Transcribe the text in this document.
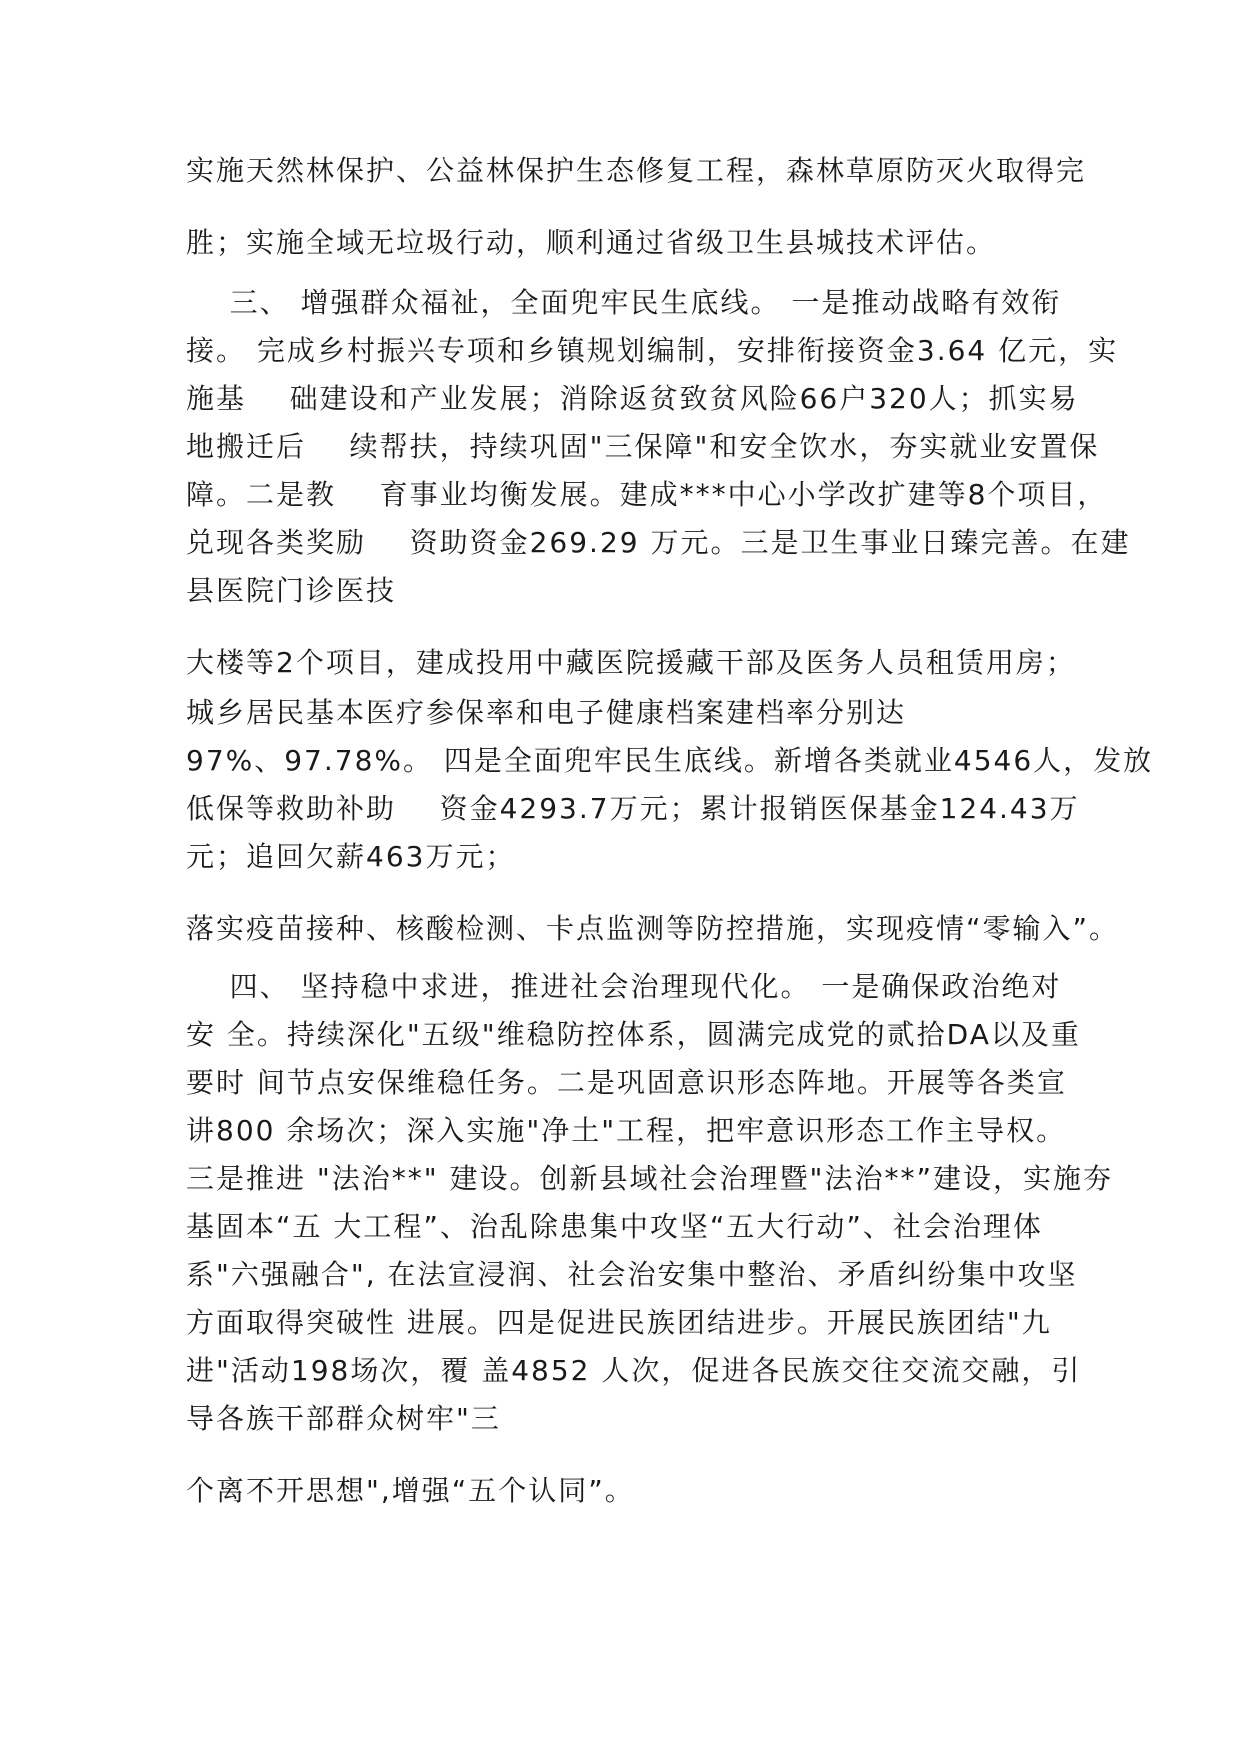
实施天然林保护、公益林保护生态修复工程，森林草原防灭火取得完
胜；实施全域无垃圾行动，顺利通过省级卫生县城技术评估。
三、 增强群众福祉，全面兜牢民生底线。 一是推动战略有效衔
接。 完成乡村振兴专项和乡镇规划编制，安排衔接资金3.64 亿元，实
施基    础建设和产业发展；消除返贫致贫风险66户320人；抓实易
地搬迁后    续帮扶，持续巩固"三保障"和安全饮水，夯实就业安置保
障。二是教    育事业均衡发展。建成***中心小学改扩建等8个项目，
兑现各类奖励    资助资金269.29 万元。三是卫生事业日臻完善。在建
县医院门诊医技
大楼等2个项目，建成投用中藏医院援藏干部及医务人员租赁用房；
城乡居民基本医疗参保率和电子健康档案建档率分别达
97%、97.78%。 四是全面兜牢民生底线。新增各类就业4546人，发放
低保等救助补助    资金4293.7万元；累计报销医保基金124.43万
元；追回欠薪463万元；
落实疫苗接种、核酸检测、卡点监测等防控措施，实现疫情“零输入”。
四、 坚持稳中求进，推进社会治理现代化。 一是确保政治绝对
安 全。持续深化"五级"维稳防控体系，圆满完成党的贰拾DA以及重
要时 间节点安保维稳任务。二是巩固意识形态阵地。开展等各类宣
讲800 余场次；深入实施"净土"工程，把牢意识形态工作主导权。
三是推进 "法治**" 建设。创新县域社会治理暨"法治**”建设，实施夯
基固本“五 大工程”、治乱除患集中攻坚“五大行动”、社会治理体
系"六强融合", 在法宣浸润、社会治安集中整治、矛盾纠纷集中攻坚
方面取得突破性 进展。四是促进民族团结进步。开展民族团结"九
进"活动198场次，覆 盖4852 人次，促进各民族交往交流交融，引
导各族干部群众树牢"三
个离不开思想",增强“五个认同”。
